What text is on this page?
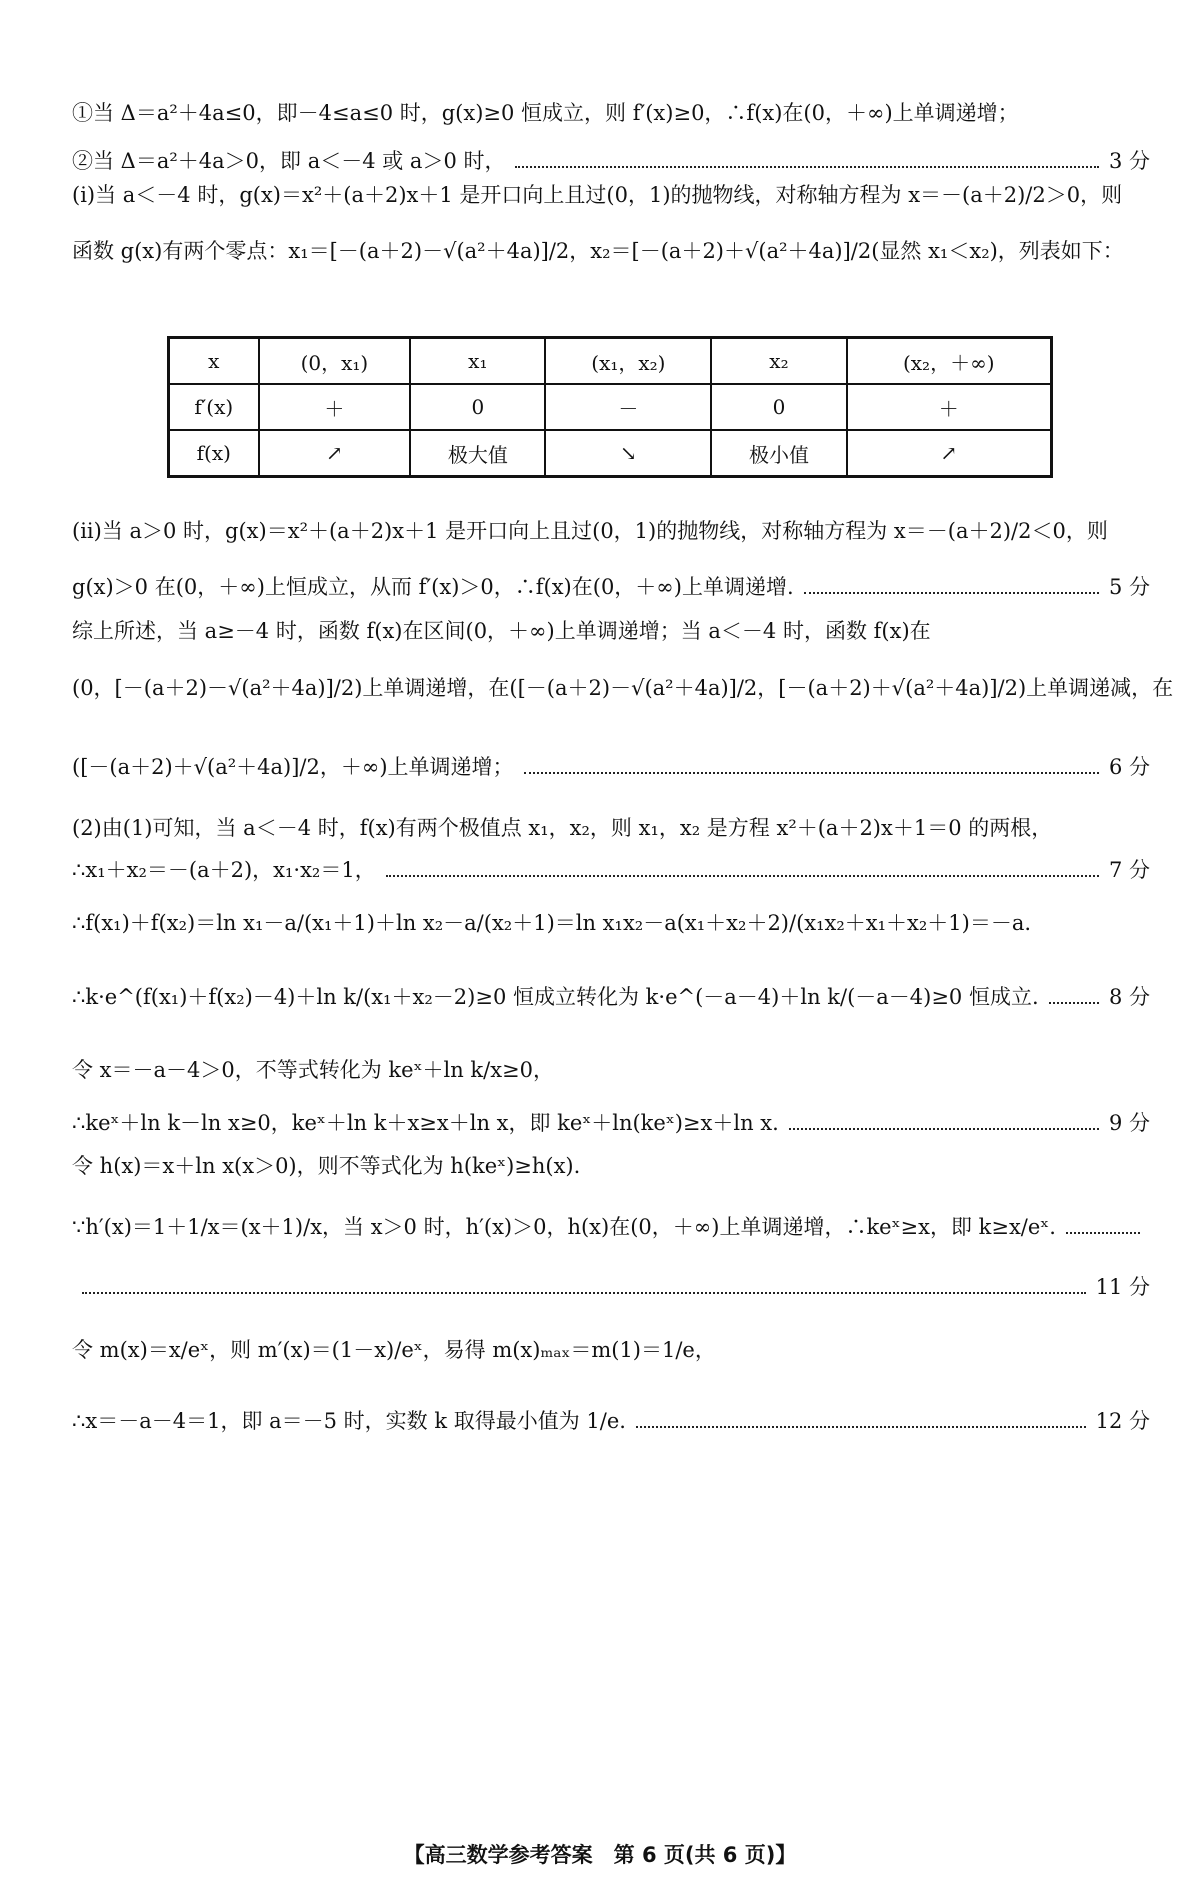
①当 Δ＝a²＋4a≤0，即－4≤a≤0 时，g(x)≥0 恒成立，则 f′(x)≥0，∴f(x)在(0，＋∞)上单调递增；
②当 Δ＝a²＋4a＞0，即 a＜－4 或 a＞0 时，	3 分
(i)当 a＜－4 时，g(x)＝x²＋(a＋2)x＋1 是开口向上且过(0，1)的抛物线，对称轴方程为 x＝－(a＋2)/2＞0，则
函数 g(x)有两个零点：x₁＝[－(a＋2)－√(a²＋4a)]/2，x₂＝[－(a＋2)＋√(a²＋4a)]/2(显然 x₁＜x₂)，列表如下：
x	(0，x₁)	x₁	(x₁，x₂)	x₂	(x₂，＋∞)
f′(x)	＋	0	－	0	＋
f(x)	↗	极大值	↘	极小值	↗
(ii)当 a＞0 时，g(x)＝x²＋(a＋2)x＋1 是开口向上且过(0，1)的抛物线，对称轴方程为 x＝－(a＋2)/2＜0，则
g(x)＞0 在(0，＋∞)上恒成立，从而 f′(x)＞0，∴f(x)在(0，＋∞)上单调递增.	5 分
综上所述，当 a≥－4 时，函数 f(x)在区间(0，＋∞)上单调递增；当 a＜－4 时，函数 f(x)在
(0，[－(a＋2)－√(a²＋4a)]/2)上单调递增，在([－(a＋2)－√(a²＋4a)]/2，[－(a＋2)＋√(a²＋4a)]/2)上单调递减，在
([－(a＋2)＋√(a²＋4a)]/2，＋∞)上单调递增；	6 分
(2)由(1)可知，当 a＜－4 时，f(x)有两个极值点 x₁，x₂，则 x₁，x₂ 是方程 x²＋(a＋2)x＋1＝0 的两根，
∴x₁＋x₂＝－(a＋2)，x₁·x₂＝1，	7 分
∴f(x₁)＋f(x₂)＝ln x₁－a/(x₁＋1)＋ln x₂－a/(x₂＋1)＝ln x₁x₂－a(x₁＋x₂＋2)/(x₁x₂＋x₁＋x₂＋1)＝－a.
∴k·e^(f(x₁)＋f(x₂)－4)＋ln k/(x₁＋x₂－2)≥0 恒成立转化为 k·e^(－a－4)＋ln k/(－a－4)≥0 恒成立.	8 分
令 x＝－a－4＞0，不等式转化为 keˣ＋ln k/x≥0，
∴keˣ＋ln k－ln x≥0，keˣ＋ln k＋x≥x＋ln x，即 keˣ＋ln(keˣ)≥x＋ln x.	9 分
令 h(x)＝x＋ln x(x＞0)，则不等式化为 h(keˣ)≥h(x).
∵h′(x)＝1＋1/x＝(x＋1)/x，当 x＞0 时，h′(x)＞0，h(x)在(0，＋∞)上单调递增，∴keˣ≥x，即 k≥x/eˣ.
11 分
令 m(x)＝x/eˣ，则 m′(x)＝(1－x)/eˣ，易得 m(x)ₘₐₓ＝m(1)＝1/e，
∴x＝－a－4＝1，即 a＝－5 时，实数 k 取得最小值为 1/e.	12 分
【高三数学参考答案　第 6 页(共 6 页)】
